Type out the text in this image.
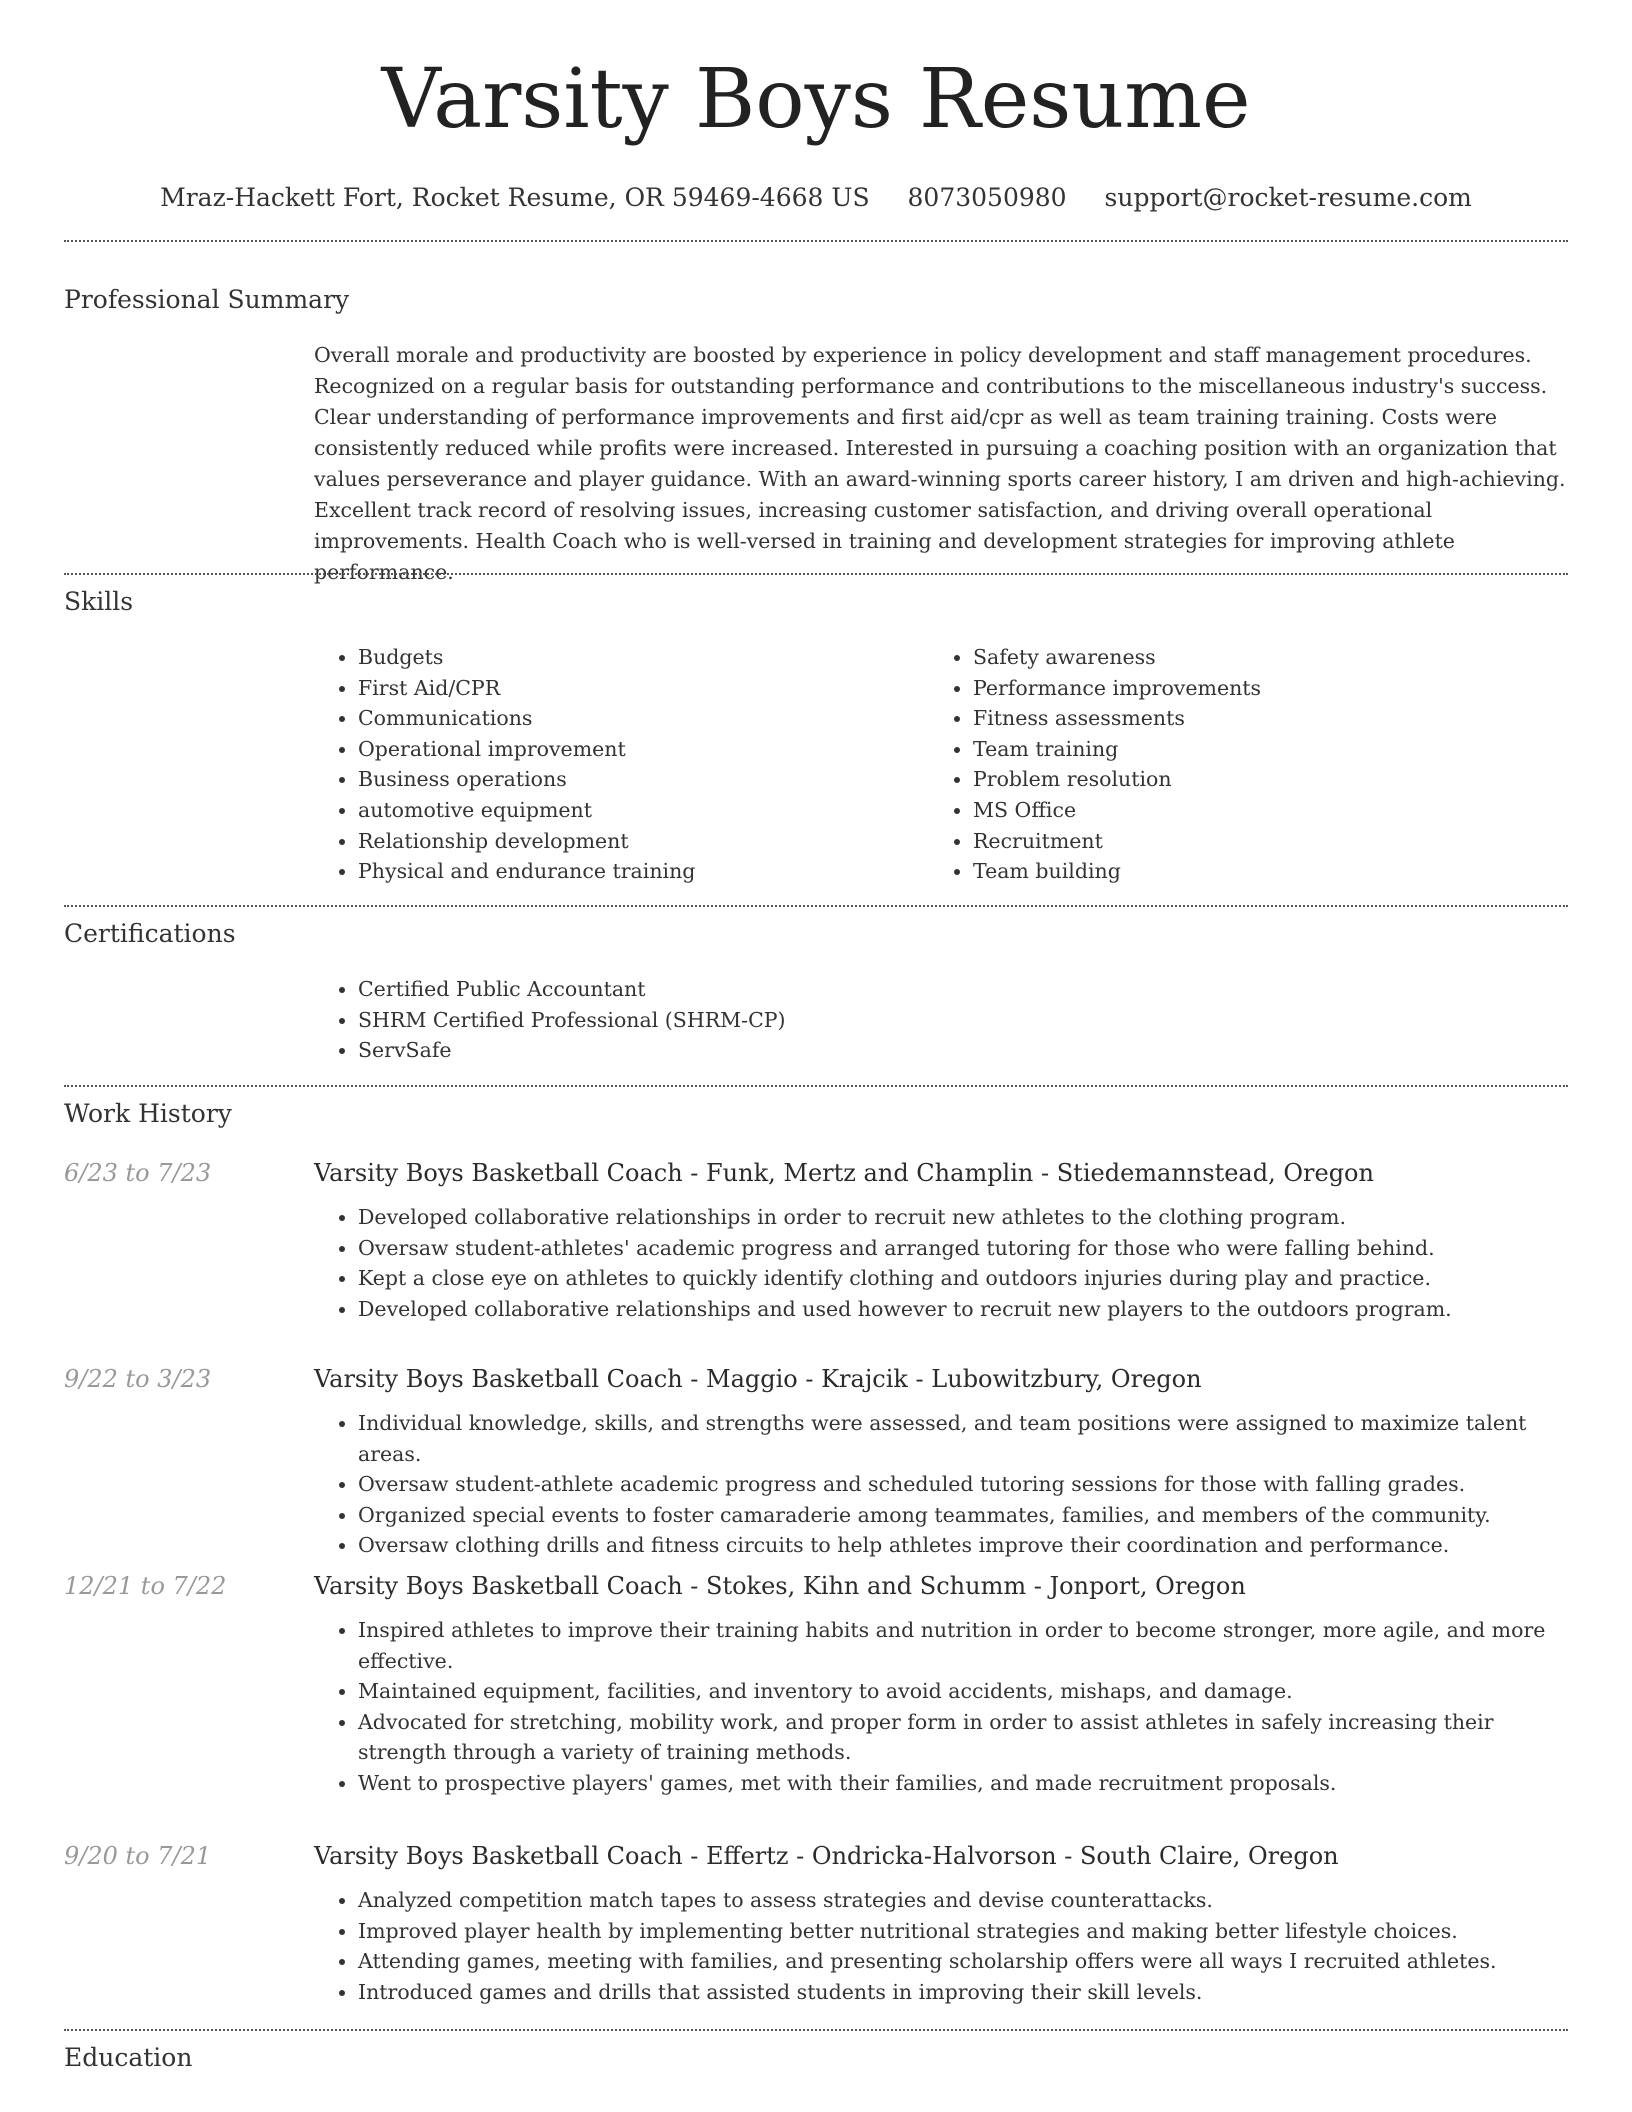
Varsity Boys Resume
Mraz-Hackett Fort, Rocket Resume, OR 59469-4668 US 8073050980 support@rocket-resume.com
Professional Summary

Overall morale and productivity are boosted by experience in policy development and staff management procedures. Recognized on a regular basis for outstanding performance and contributions to the miscellaneous industry's success. Clear understanding of performance improvements and first aid/cpr as well as team training training. Costs were consistently reduced while profits were increased. Interested in pursuing a coaching position with an organization that values perseverance and player guidance. With an award-winning sports career history, I am driven and high-achieving. Excellent track record of resolving issues, increasing customer satisfaction, and driving overall operational improvements. Health Coach who is well-versed in training and development strategies for improving athlete performance.

Skills
• Budgets
• First Aid/CPR
• Communications
• Operational improvement
• Business operations
• automotive equipment
• Relationship development
• Physical and endurance training
• Safety awareness
• Performance improvements
• Fitness assessments
• Team training
• Problem resolution
• MS Office
• Recruitment
• Team building
Certifications
• Certified Public Accountant
• SHRM Certified Professional (SHRM-CP)
• ServSafe
Work History
6/23 to 7/23	Varsity Boys Basketball Coach - Funk, Mertz and Champlin - Stiedemannstead, Oregon
• Developed collaborative relationships in order to recruit new athletes to the clothing program.
• Oversaw student-athletes' academic progress and arranged tutoring for those who were falling behind.
• Kept a close eye on athletes to quickly identify clothing and outdoors injuries during play and practice.
• Developed collaborative relationships and used however to recruit new players to the outdoors program.
9/22 to 3/23	Varsity Boys Basketball Coach - Maggio - Krajcik - Lubowitzbury, Oregon
• Individual knowledge, skills, and strengths were assessed, and team positions were assigned to maximize talent areas.
• Oversaw student-athlete academic progress and scheduled tutoring sessions for those with falling grades.
• Organized special events to foster camaraderie among teammates, families, and members of the community.
• Oversaw clothing drills and fitness circuits to help athletes improve their coordination and performance.
12/21 to 7/22	Varsity Boys Basketball Coach - Stokes, Kihn and Schumm - Jonport, Oregon
• Inspired athletes to improve their training habits and nutrition in order to become stronger, more agile, and more effective.
• Maintained equipment, facilities, and inventory to avoid accidents, mishaps, and damage.
• Advocated for stretching, mobility work, and proper form in order to assist athletes in safely increasing their strength through a variety of training methods.
• Went to prospective players' games, met with their families, and made recruitment proposals.
9/20 to 7/21	Varsity Boys Basketball Coach - Effertz - Ondricka-Halvorson - South Claire, Oregon
• Analyzed competition match tapes to assess strategies and devise counterattacks.
• Improved player health by implementing better nutritional strategies and making better lifestyle choices.
• Attending games, meeting with families, and presenting scholarship offers were all ways I recruited athletes.
• Introduced games and drills that assisted students in improving their skill levels.
Education
